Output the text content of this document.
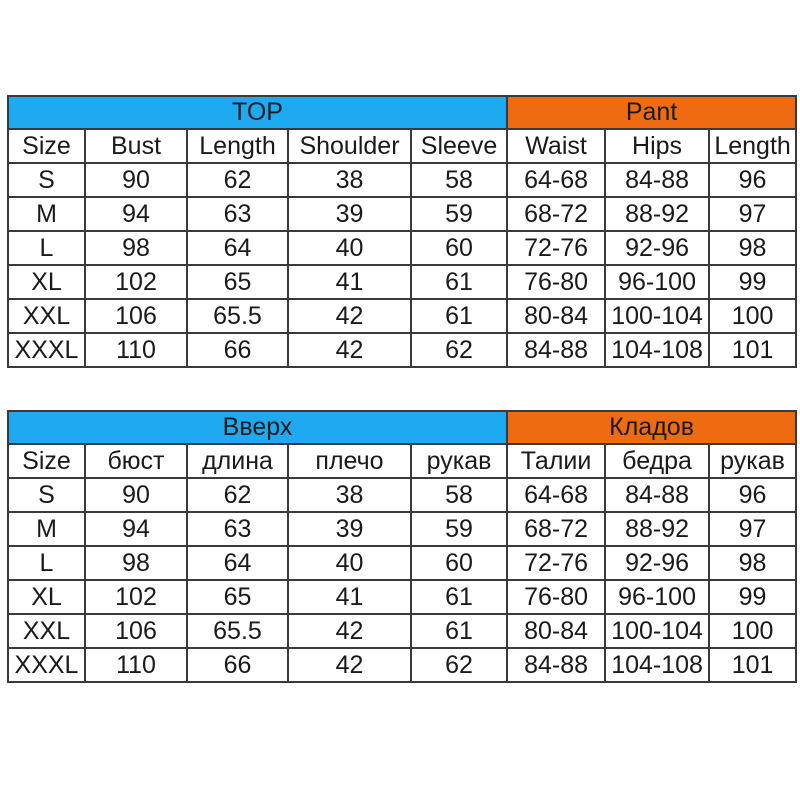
TOP					Pant		
Size	Bust	Length	Shoulder	Sleeve	Waist	Hips	Length
S	90	62	38	58	64-68	84-88	96
M	94	63	39	59	68-72	88-92	97
L	98	64	40	60	72-76	92-96	98
XL	102	65	41	61	76-80	96-100	99
XXL	106	65.5	42	61	80-84	100-104	100
XXXL	110	66	42	62	84-88	104-108	101
Вверх					Кладов		
Size	бюст	длина	плечо	рукав	Талии	бедра	рукав
S	90	62	38	58	64-68	84-88	96
M	94	63	39	59	68-72	88-92	97
L	98	64	40	60	72-76	92-96	98
XL	102	65	41	61	76-80	96-100	99
XXL	106	65.5	42	61	80-84	100-104	100
XXXL	110	66	42	62	84-88	104-108	101
